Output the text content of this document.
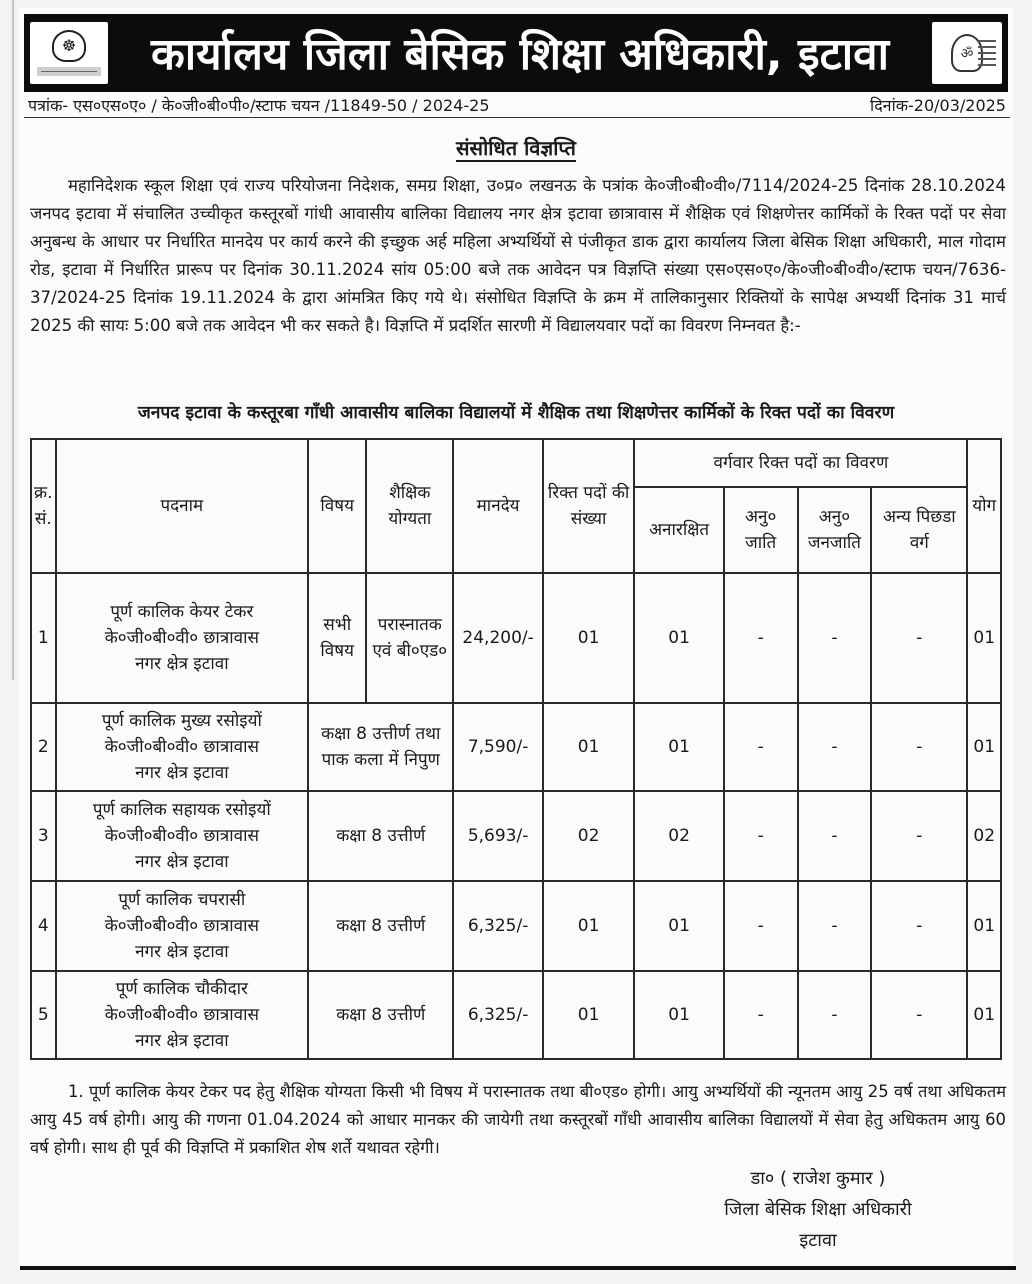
☸	कार्यालय जिला बेसिक शिक्षा अधिकारी, इटावा	ॐ
पत्रांक- एस०एस०ए० / के०जी०बी०पी०/स्टाफ चयन /11849-50 / 2024-25	दिनांक-20/03/2025
संसोधित विज्ञप्ति
महानिदेशक स्कूल शिक्षा एवं राज्य परियोजना निदेशक, समग्र शिक्षा, उ०प्र० लखनऊ के पत्रांक के०जी०बी०वी०/7114/2024-25 दिनांक 28.10.2024 जनपद इटावा में संचालित उच्चीकृत कस्तूरबों गांधी आवासीय बालिका विद्यालय नगर क्षेत्र इटावा छात्रावास में शैक्षिक एवं शिक्षणेत्तर कार्मिकों के रिक्त पदों पर सेवा अनुबन्ध के आधार पर निर्धारित मानदेय पर कार्य करने की इच्छुक अर्ह महिला अभ्यर्थियों से पंजीकृत डाक द्वारा कार्यालय जिला बेसिक शिक्षा अधिकारी, माल गोदाम रोड, इटावा में निर्धारित प्रारूप पर दिनांक 30.11.2024 सांय 05:00 बजे तक आवेदन पत्र विज्ञप्ति संख्या एस०एस०ए०/के०जी०बी०वी०/स्टाफ चयन/7636-37/2024-25 दिनांक 19.11.2024 के द्वारा आंमत्रित किए गये थे। संसोधित विज्ञप्ति के क्रम में तालिकानुसार रिक्तियों के सापेक्ष अभ्यर्थी दिनांक 31 मार्च 2025 की सायः 5:00 बजे तक आवेदन भी कर सकते है। विज्ञप्ति में प्रदर्शित सारणी में विद्यालयवार पदों का विवरण निम्नवत है:-
जनपद इटावा के कस्तूरबा गाँधी आवासीय बालिका विद्यालयों में शैक्षिक तथा शिक्षणेत्तर कार्मिकों के रिक्त पदों का विवरण
क्र. सं.	पदनाम	विषय	शैक्षिक योग्यता	मानदेय	रिक्त पदों की संख्या	वर्गवार रिक्त पदों का विवरण				योग
						अनारक्षित	अनु० जाति	अनु० जनजाति	अन्य पिछडा वर्ग	
1	पूर्ण कालिक केयर टेकर
के०जी०बी०वी० छात्रावास
नगर क्षेत्र इटावा	सभी विषय	परास्नातक एवं बी०एड०	24,200/-	01	01	-	-	-	01
2	पूर्ण कालिक मुख्य रसोइयों
के०जी०बी०वी० छात्रावास
नगर क्षेत्र इटावा	कक्षा 8 उत्तीर्ण तथा पाक कला में निपुण		7,590/-	01	01	-	-	-	01
3	पूर्ण कालिक सहायक रसोइयों
के०जी०बी०वी० छात्रावास
नगर क्षेत्र इटावा	कक्षा 8 उत्तीर्ण		5,693/-	02	02	-	-	-	02
4	पूर्ण कालिक चपरासी
के०जी०बी०वी० छात्रावास
नगर क्षेत्र इटावा	कक्षा 8 उत्तीर्ण		6,325/-	01	01	-	-	-	01
5	पूर्ण कालिक चौकीदार
के०जी०बी०वी० छात्रावास
नगर क्षेत्र इटावा	कक्षा 8 उत्तीर्ण		6,325/-	01	01	-	-	-	01
1. पूर्ण कालिक केयर टेकर पद हेतु शैक्षिक योग्यता किसी भी विषय में परास्नातक तथा बी०एड० होगी। आयु अभ्यर्थियों की न्यूनतम आयु 25 वर्ष तथा अधिकतम आयु 45 वर्ष होगी। आयु की गणना 01.04.2024 को आधार मानकर की जायेगी तथा कस्तूरबों गाँधी आवासीय बालिका विद्यालयों में सेवा हेतु अधिकतम आयु 60 वर्ष होगी। साथ ही पूर्व की विज्ञप्ति में प्रकाशित शेष शर्ते यथावत रहेगी।
डा० ( राजेश कुमार )
जिला बेसिक शिक्षा अधिकारी
इटावा
